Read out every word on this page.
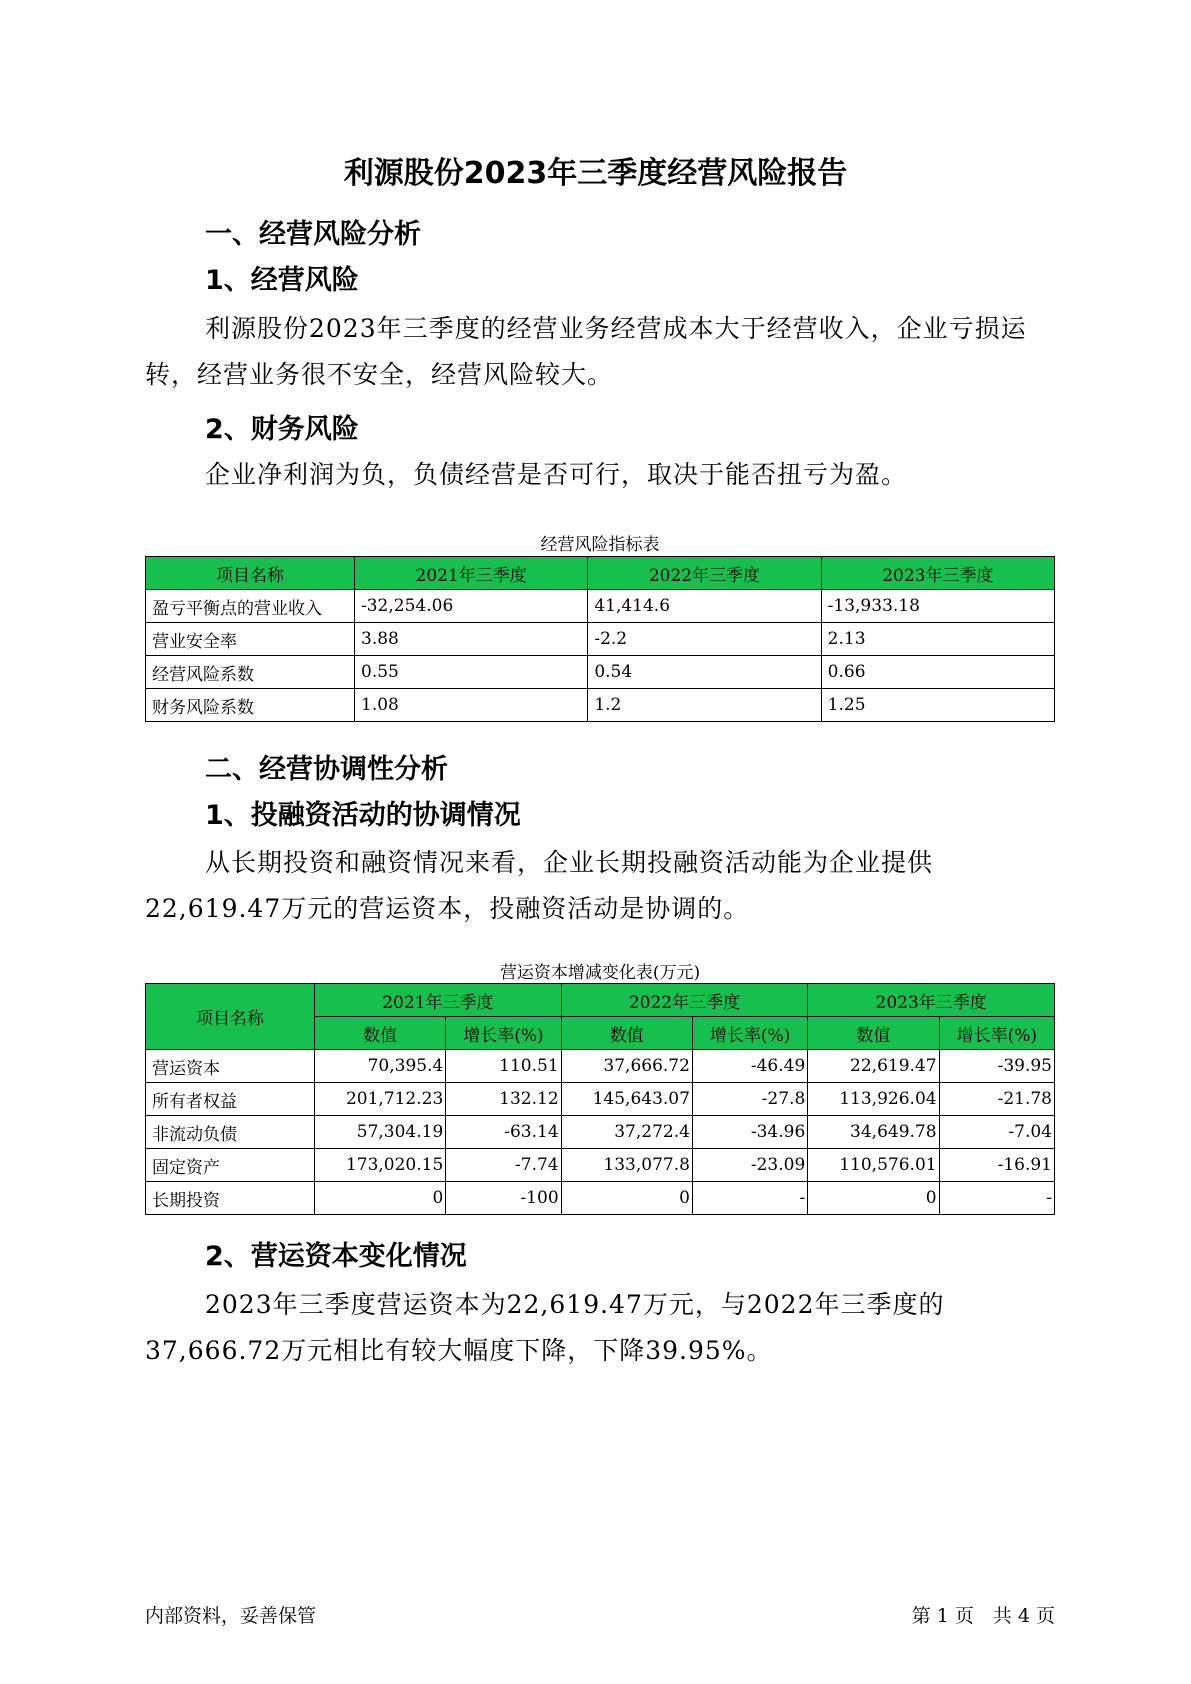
利源股份2023年三季度经营风险报告
一、经营风险分析
1、经营风险
利源股份2023年三季度的经营业务经营成本大于经营收入，企业亏损运转，经营业务很不安全，经营风险较大。
2、财务风险
企业净利润为负，负债经营是否可行，取决于能否扭亏为盈。
经营风险指标表
项目名称	2021年三季度	2022年三季度	2023年三季度
盈亏平衡点的营业收入	-32,254.06	41,414.6	-13,933.18
营业安全率	3.88	-2.2	2.13
经营风险系数	0.55	0.54	0.66
财务风险系数	1.08	1.2	1.25
二、经营协调性分析
1、投融资活动的协调情况
从长期投资和融资情况来看，企业长期投融资活动能为企业提供22,619.47万元的营运资本，投融资活动是协调的。
营运资本增减变化表(万元)
项目名称	2021年三季度		2022年三季度		2023年三季度	
	数值	增长率(%)	数值	增长率(%)	数值	增长率(%)
营运资本	70,395.4	110.51	37,666.72	-46.49	22,619.47	-39.95
所有者权益	201,712.23	132.12	145,643.07	-27.8	113,926.04	-21.78
非流动负债	57,304.19	-63.14	37,272.4	-34.96	34,649.78	-7.04
固定资产	173,020.15	-7.74	133,077.8	-23.09	110,576.01	-16.91
长期投资	0	-100	0	-	0	-
2、营运资本变化情况
2023年三季度营运资本为22,619.47万元，与2022年三季度的37,666.72万元相比有较大幅度下降，下降39.95%。
内部资料，妥善保管	第 1 页　共 4 页
